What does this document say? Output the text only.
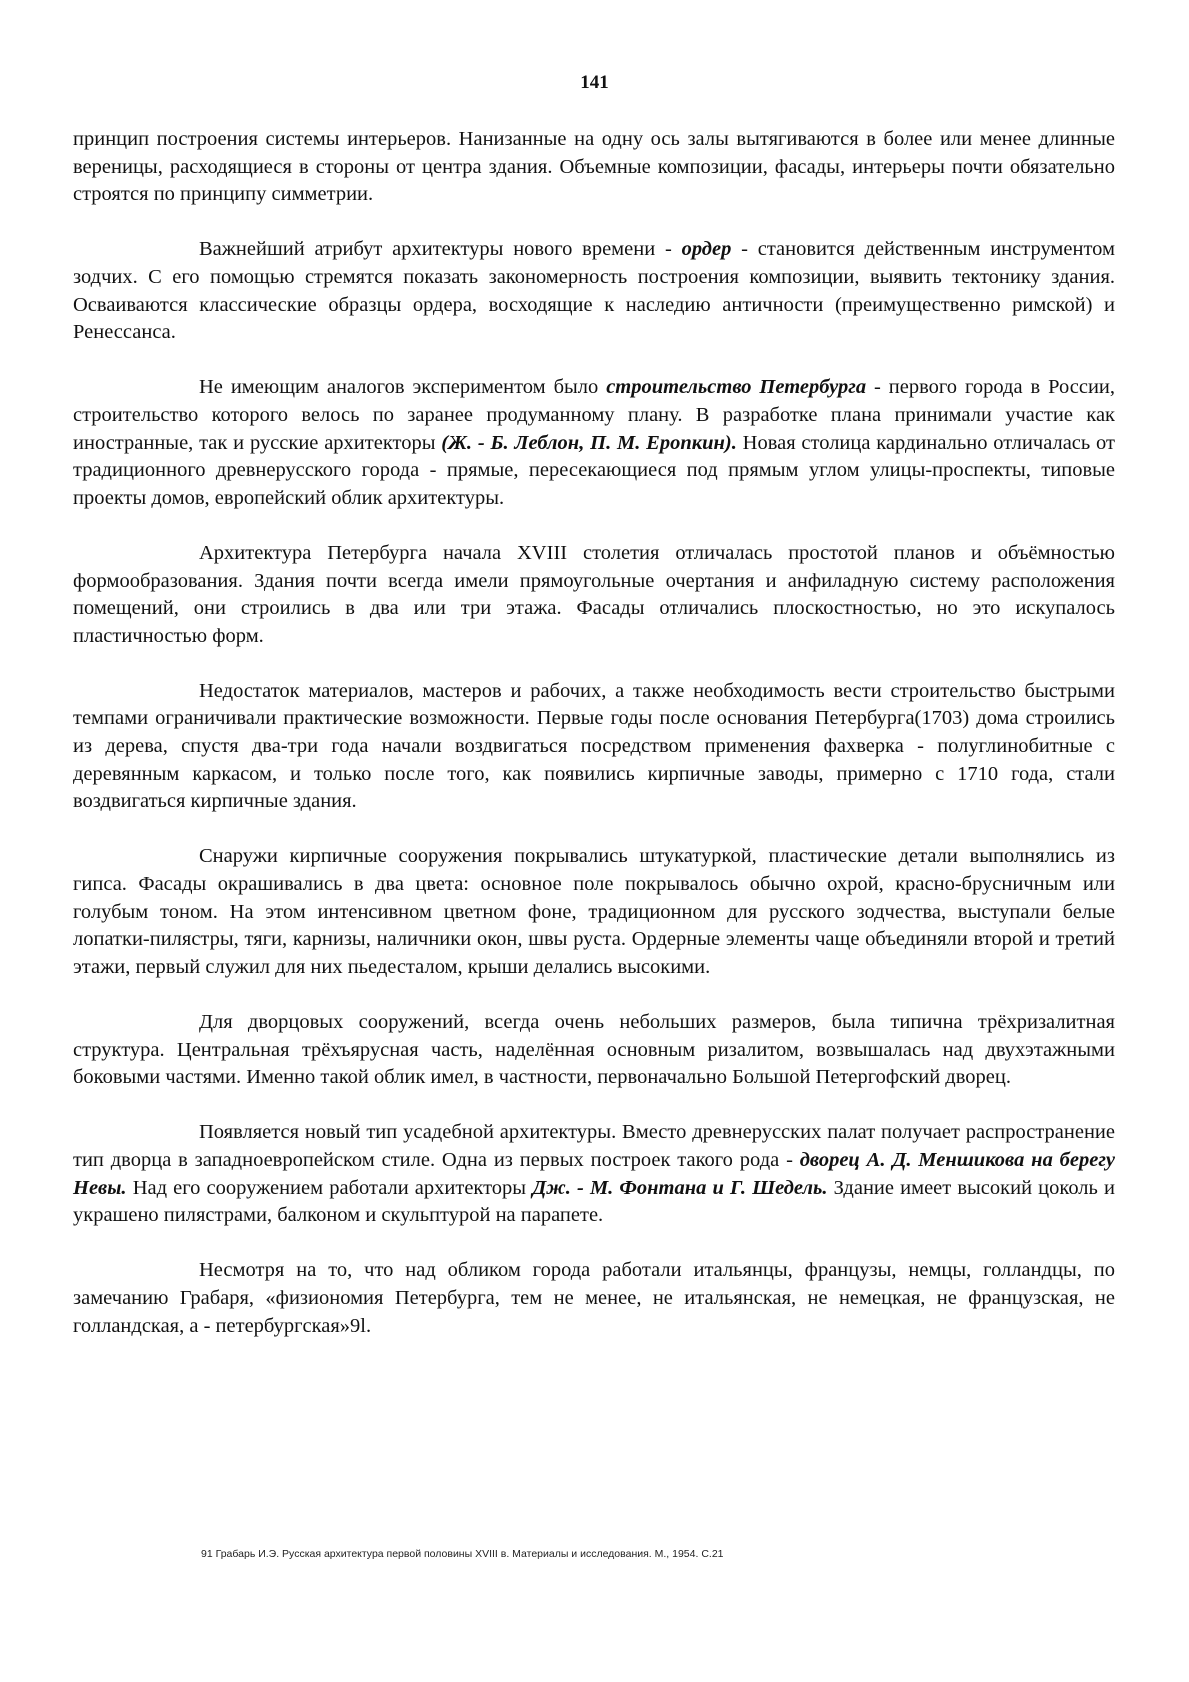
141

принцип построения системы интерьеров. Нанизанные на одну ось залы вытягиваются в более или менее длинные вереницы, расходящиеся в стороны от центра здания. Объемные композиции, фасады, интерьеры почти обязательно строятся по принципу симметрии.

Важнейший атрибут архитектуры нового времени - ордер - становится действенным инструментом зодчих. С его помощью стремятся показать закономерность построения композиции, выявить тектонику здания. Осваиваются классические образцы ордера, восходящие к наследию античности (преимущественно римской) и Ренессанса.

Не имеющим аналогов экспериментом было строительство Петербурга - первого города в России, строительство которого велось по заранее продуманному плану. В разработке плана принимали участие как иностранные, так и русские архитекторы (Ж. - Б. Леблон, П. М. Еропкин). Новая столица кардинально отличалась от традиционного древнерусского города - прямые, пересекающиеся под прямым углом улицы-проспекты, типовые проекты домов, европейский облик архитектуры.

Архитектура Петербурга начала XVIII столетия отличалась простотой планов и объёмностью формообразования. Здания почти всегда имели прямоугольные очертания и анфиладную систему расположения помещений, они строились в два или три этажа. Фасады отличались плоскостностью, но это искупалось пластичностью форм.

Недостаток материалов, мастеров и рабочих, а также необходимость вести строительство быстрыми темпами ограничивали практические возможности. Первые годы после основания Петербурга(1703) дома строились из дерева, спустя два-три года начали воздвигаться посредством применения фахверка - полуглинобитные с деревянным каркасом, и только после того, как появились кирпичные заводы, примерно с 1710 года, стали воздвигаться кирпичные здания.

Снаружи кирпичные сооружения покрывались штукатуркой, пластические детали выполнялись из гипса. Фасады окрашивались в два цвета: основное поле покрывалось обычно охрой, красно-брусничным или голубым тоном. На этом интенсивном цветном фоне, традиционном для русского зодчества, выступали белые лопатки-пилястры, тяги, карнизы, наличники окон, швы руста. Ордерные элементы чаще объединяли второй и третий этажи, первый служил для них пьедесталом, крыши делались высокими.

Для дворцовых сооружений, всегда очень небольших размеров, была типична трёхризалитная структура. Центральная трёхъярусная часть, наделённая основным ризалитом, возвышалась над двухэтажными боковыми частями. Именно такой облик имел, в частности, первоначально Большой Петергофский дворец.

Появляется новый тип усадебной архитектуры. Вместо древнерусских палат получает распространение тип дворца в западноевропейском стиле. Одна из первых построек такого рода - дворец А. Д. Меншикова на берегу Невы. Над его сооружением работали архитекторы Дж. - М. Фонтана и Г. Шедель. Здание имеет высокий цоколь и украшено пилястрами, балконом и скульптурой на парапете.

Несмотря на то, что над обликом города работали итальянцы, французы, немцы, голландцы, по замечанию Грабаря, «физиономия Петербурга, тем не менее, не итальянская, не немецкая, не французская, не голландская, а - петербургская»9l.

91 Грабарь И.Э. Русская архитектура первой половины XVIII в. Материалы и исследования. М., 1954. С.21
